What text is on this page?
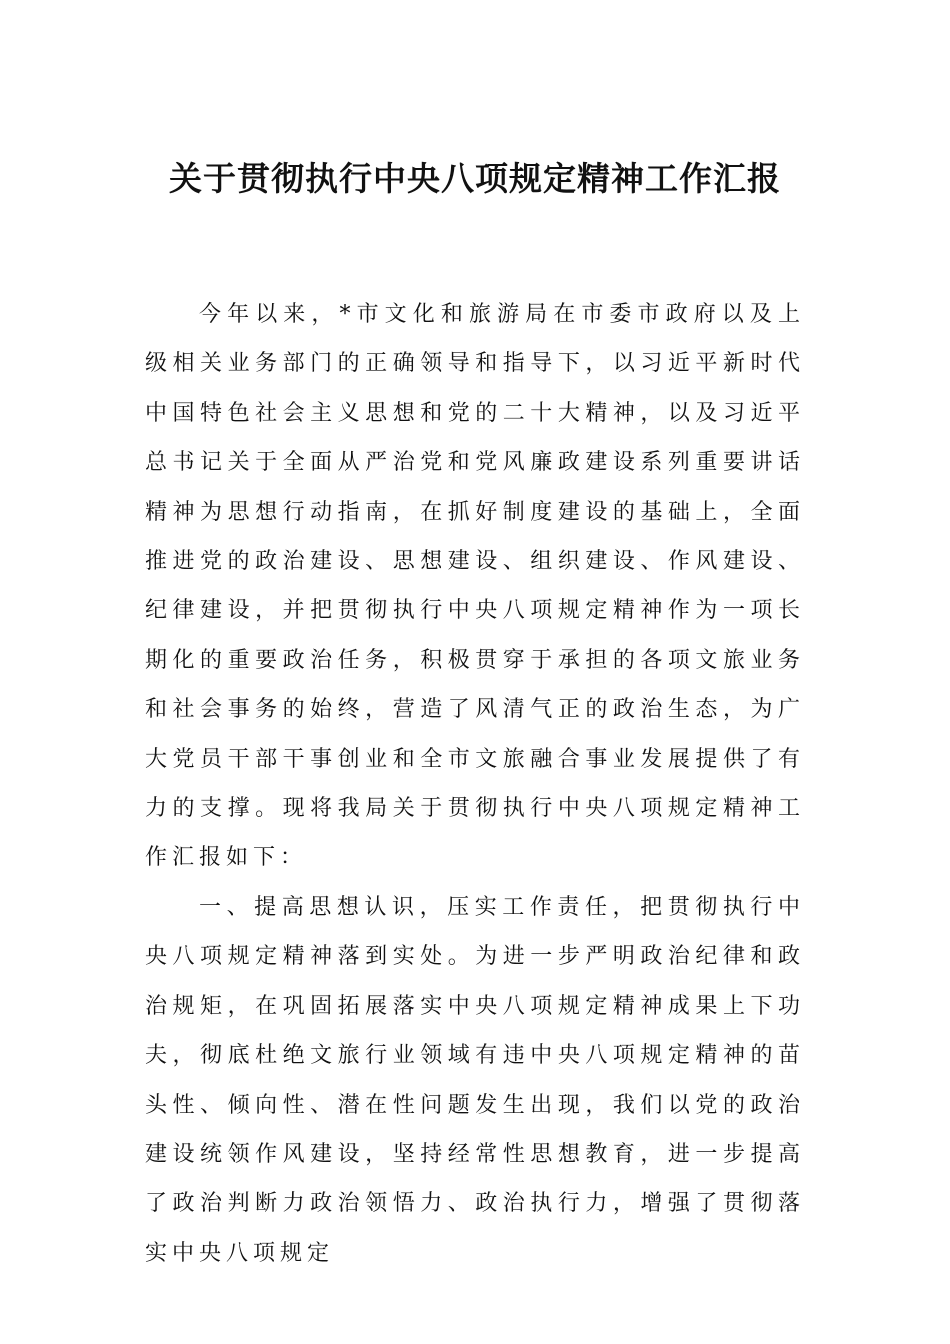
关于贯彻执行中央八项规定精神工作汇报

今年以来，*市文化和旅游局在市委市政府以及上级相关业务部门的正确领导和指导下，以习近平新时代中国特色社会主义思想和党的二十大精神，以及习近平总书记关于全面从严治党和党风廉政建设系列重要讲话精神为思想行动指南，在抓好制度建设的基础上，全面推进党的政治建设、思想建设、组织建设、作风建设、纪律建设，并把贯彻执行中央八项规定精神作为一项长期化的重要政治任务，积极贯穿于承担的各项文旅业务和社会事务的始终，营造了风清气正的政治生态，为广大党员干部干事创业和全市文旅融合事业发展提供了有力的支撑。现将我局关于贯彻执行中央八项规定精神工作汇报如下：

一、提高思想认识，压实工作责任，把贯彻执行中央八项规定精神落到实处。为进一步严明政治纪律和政治规矩，在巩固拓展落实中央八项规定精神成果上下功夫，彻底杜绝文旅行业领域有违中央八项规定精神的苗头性、倾向性、潜在性问题发生出现，我们以党的政治建设统领作风建设，坚持经常性思想教育，进一步提高了政治判断力政治领悟力、政治执行力，增强了贯彻落实中央八项规定
